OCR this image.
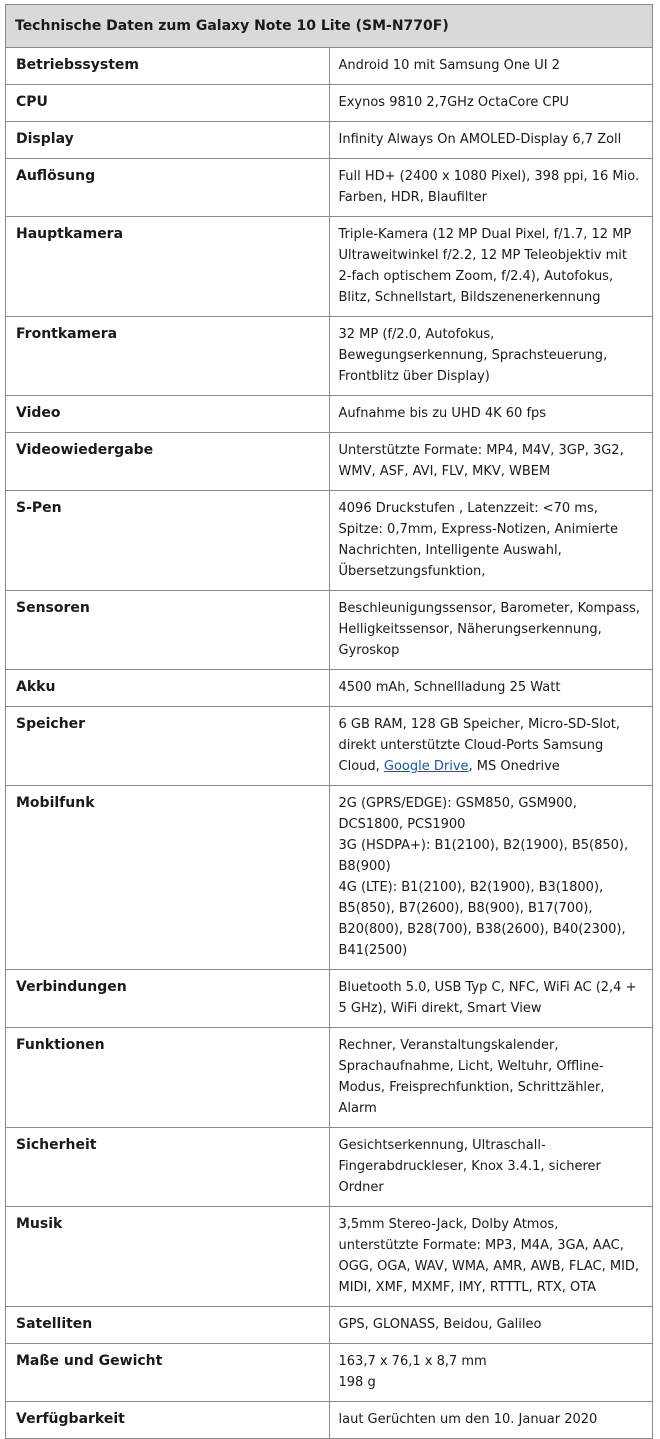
Technische Daten zum Galaxy Note 10 Lite (SM-N770F)	
Betriebssystem	Android 10 mit Samsung One UI 2
CPU	Exynos 9810 2,7GHz OctaCore CPU
Display	Infinity Always On AMOLED-Display 6,7 Zoll
Auflösung	Full HD+ (2400 x 1080 Pixel), 398 ppi, 16 Mio. Farben, HDR, Blaufilter
Hauptkamera	Triple-Kamera (12 MP Dual Pixel, f/1.7, 12 MP Ultraweitwinkel f/2.2, 12 MP Teleobjektiv mit 2-fach optischem Zoom, f/2.4), Autofokus, Blitz, Schnellstart, Bildszenenerkennung
Frontkamera	32 MP (f/2.0, Autofokus, Bewegungserkennung, Sprachsteuerung, Frontblitz über Display)
Video	Aufnahme bis zu UHD 4K 60 fps
Videowiedergabe	Unterstützte Formate: MP4, M4V, 3GP, 3G2, WMV, ASF, AVI, FLV, MKV, WBEM
S-Pen	4096 Druckstufen , Latenzzeit: <70 ms, Spitze: 0,7mm, Express-Notizen, Animierte Nachrichten, Intelligente Auswahl, Übersetzungsfunktion,
Sensoren	Beschleunigungssensor, Barometer, Kompass, Helligkeitssensor, Näherungserkennung, Gyroskop
Akku	4500 mAh, Schnellladung 25 Watt
Speicher	6 GB RAM, 128 GB Speicher, Micro-SD-Slot, direkt unterstützte Cloud-Ports Samsung Cloud, Google Drive, MS Onedrive
Mobilfunk	2G (GPRS/EDGE): GSM850, GSM900, DCS1800, PCS1900
3G (HSDPA+): B1(2100), B2(1900), B5(850), B8(900)
4G (LTE): B1(2100), B2(1900), B3(1800), B5(850), B7(2600), B8(900), B17(700), B20(800), B28(700), B38(2600), B40(2300), B41(2500)
Verbindungen	Bluetooth 5.0, USB Typ C, NFC, WiFi AC (2,4 + 5 GHz), WiFi direkt, Smart View
Funktionen	Rechner, Veranstaltungskalender, Sprachaufnahme, Licht, Weltuhr, Offline-Modus, Freisprechfunktion, Schrittzähler, Alarm
Sicherheit	Gesichtserkennung, Ultraschall-Fingerabdruckleser, Knox 3.4.1, sicherer Ordner
Musik	3,5mm Stereo-Jack, Dolby Atmos, unterstützte Formate: MP3, M4A, 3GA, AAC, OGG, OGA, WAV, WMA, AMR, AWB, FLAC, MID, MIDI, XMF, MXMF, IMY, RTTTL, RTX, OTA
Satelliten	GPS, GLONASS, Beidou, Galileo
Maße und Gewicht	163,7 x 76,1 x 8,7 mm
198 g
Verfügbarkeit	laut Gerüchten um den 10. Januar 2020
